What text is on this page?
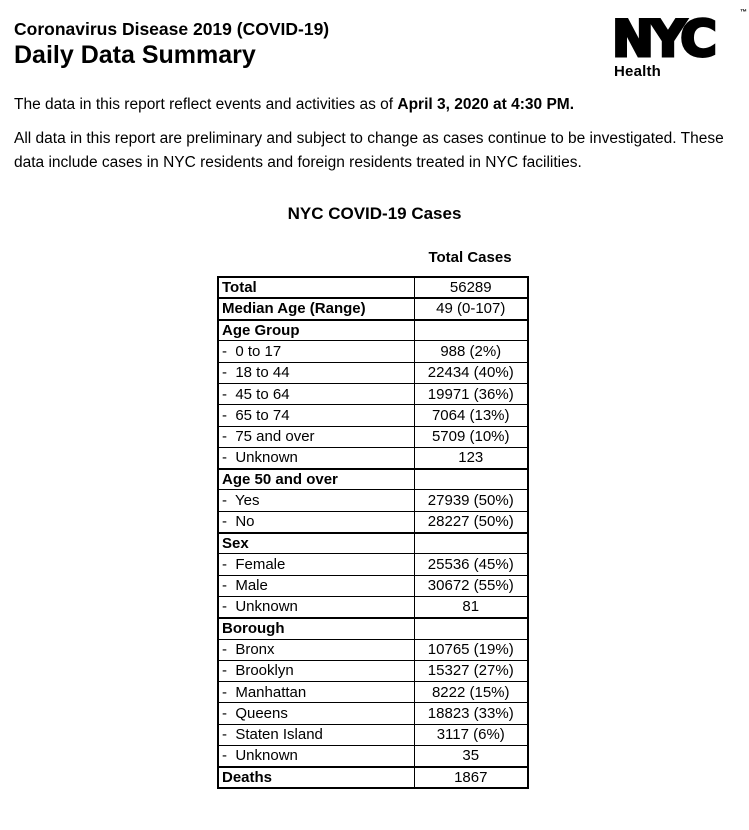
Coronavirus Disease 2019 (COVID-19)
Daily Data Summary	NYC	™
Health
The data in this report reflect events and activities as of April 3, 2020 at 4:30 PM.
All data in this report are preliminary and subject to change as cases continue to be investigated. These data include cases in NYC residents and foreign residents treated in NYC facilities.
NYC COVID-19 Cases
Total Cases
Total	56289
Median Age (Range)	49 (0-107)
Age Group	
-  0 to 17	988 (2%)
-  18 to 44	22434 (40%)
-  45 to 64	19971 (36%)
-  65 to 74	7064 (13%)
-  75 and over	5709 (10%)
-  Unknown	123
Age 50 and over	
-  Yes	27939 (50%)
-  No	28227 (50%)
Sex	
-  Female	25536 (45%)
-  Male	30672 (55%)
-  Unknown	81
Borough	
-  Bronx	10765 (19%)
-  Brooklyn	15327 (27%)
-  Manhattan	8222 (15%)
-  Queens	18823 (33%)
-  Staten Island	3117 (6%)
-  Unknown	35
Deaths	1867
